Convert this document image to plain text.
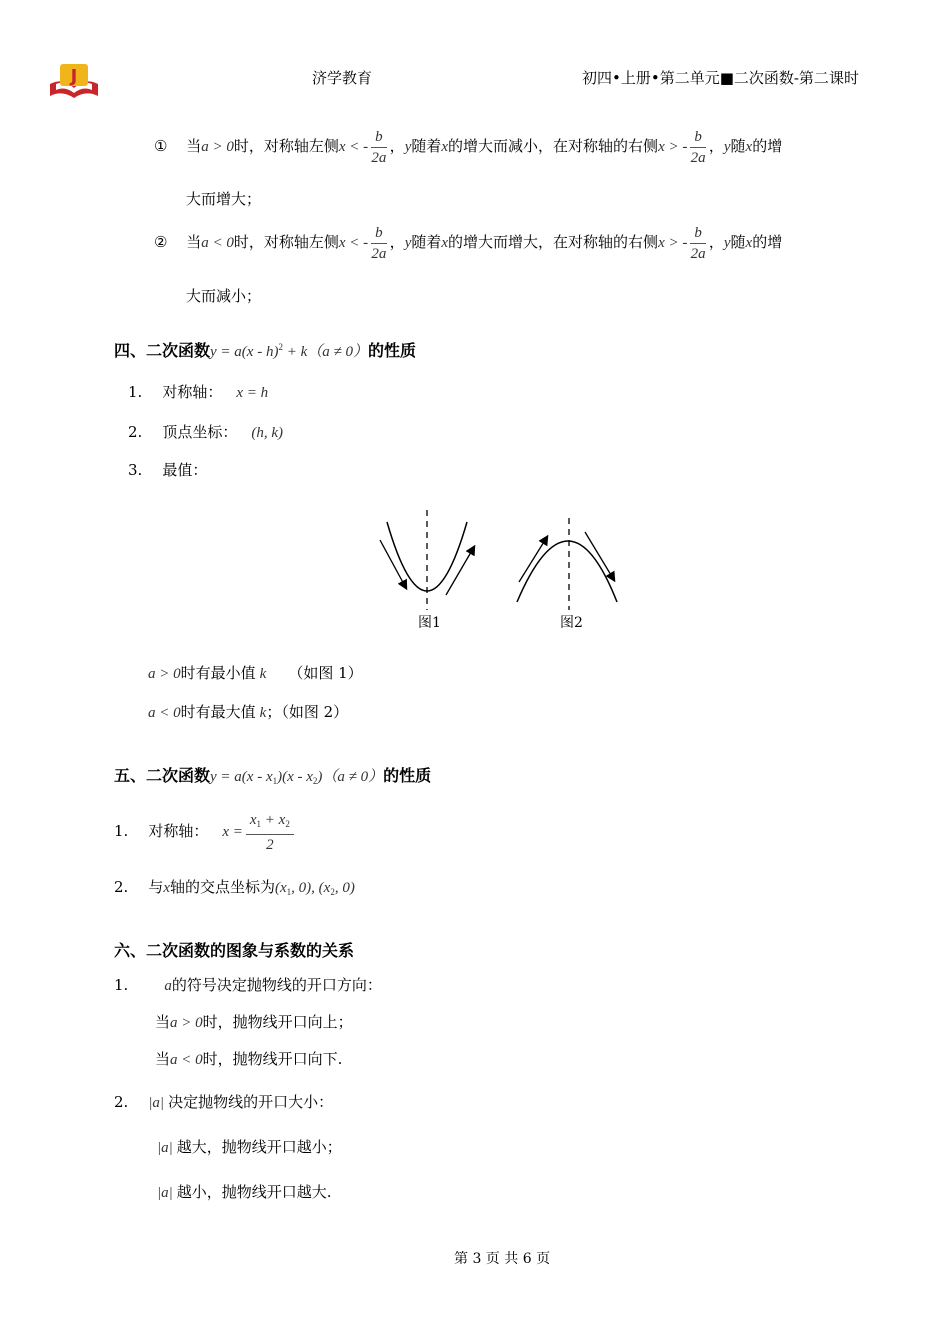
J	济学教育	初四•上册•第二单元■二次函数-第二课时
① 当a > 0时，对称轴左侧x < - $\frac{b}{2a}$ ，y随着x的增大而减小，在对称轴的右侧x > - $\frac{b}{2a}$ ，y随x的增
大而增大；
② 当a < 0时，对称轴左侧x < - $\frac{b}{2a}$ ，y随着x的增大而增大，在对称轴的右侧x > - $\frac{b}{2a}$ ，y随x的增
大而减小；
四、二次函数y = a(x - h)$^2$ + k（a ≠ 0）的性质
1. 对称轴： x = h
2. 顶点坐标： (h, k)
3. 最值：
图1	图2
a > 0时有最小值 k （如图 1）
a < 0时有最大值 k；（如图 2）
五、二次函数$y = a(x - x_1)(x - x_2)(a \ne 0)$的性质
1. 对称轴： $x = \frac{x_1 + x_2}{2}$
2. 与x轴的交点坐标为($x_1$, 0), ($x_2$, 0)
六、二次函数的图象与系数的关系
1. a的符号决定抛物线的开口方向：
当a > 0时，抛物线开口向上；
当a < 0时，抛物线开口向下.
2. |a| 决定抛物线的开口大小：
|a| 越大，抛物线开口越小；
|a| 越小，抛物线开口越大.
第 3 页 共 6 页
